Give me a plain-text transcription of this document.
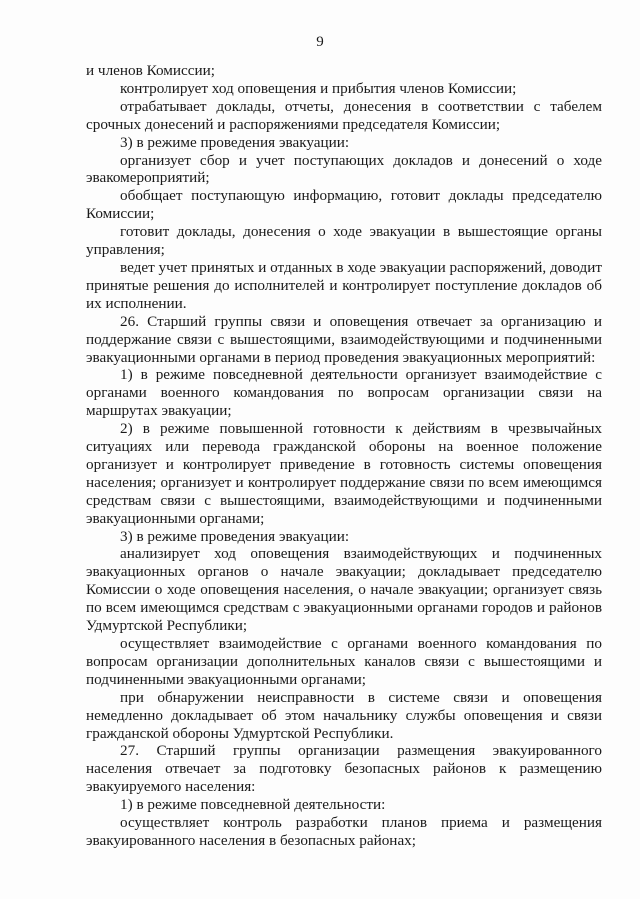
9

и членов Комиссии;

контролирует ход оповещения и прибытия членов Комиссии;

отрабатывает доклады, отчеты, донесения в соответствии с табелем срочных донесений и распоряжениями председателя Комиссии;

3) в режиме проведения эвакуации:

организует сбор и учет поступающих докладов и донесений о ходе эвакомероприятий;

обобщает поступающую информацию, готовит доклады председателю Комиссии;

готовит доклады, донесения о ходе эвакуации в вышестоящие органы управления;

ведет учет принятых и отданных в ходе эвакуации распоряжений, доводит принятые решения до исполнителей и контролирует поступление докладов об их исполнении.

26. Старший группы связи и оповещения отвечает за организацию и поддержание связи с вышестоящими, взаимодействующими и подчиненными эвакуационными органами в период проведения эвакуационных мероприятий:

1) в режиме повседневной деятельности организует взаимодействие с органами военного командования по вопросам организации связи на маршрутах эвакуации;

2) в режиме повышенной готовности к действиям в чрезвычайных ситуациях или перевода гражданской обороны на военное положение организует и контролирует приведение в готовность системы оповещения населения; организует и контролирует поддержание связи по всем имеющимся средствам связи с вышестоящими, взаимодействующими и подчиненными эвакуационными органами;

3) в режиме проведения эвакуации:

анализирует ход оповещения взаимодействующих и подчиненных эвакуационных органов о начале эвакуации; докладывает председателю Комиссии о ходе оповещения населения, о начале эвакуации; организует связь по всем имеющимся средствам с эвакуационными органами городов и районов Удмуртской Республики;

осуществляет взаимодействие с органами военного командования по вопросам организации дополнительных каналов связи с вышестоящими и подчиненными эвакуационными органами;

при обнаружении неисправности в системе связи и оповещения немедленно докладывает об этом начальнику службы оповещения и связи гражданской обороны Удмуртской Республики.

27. Старший группы организации размещения эвакуированного населения отвечает за подготовку безопасных районов к размещению эвакуируемого населения:

1) в режиме повседневной деятельности:

осуществляет контроль разработки планов приема и размещения эвакуированного населения в безопасных районах;
